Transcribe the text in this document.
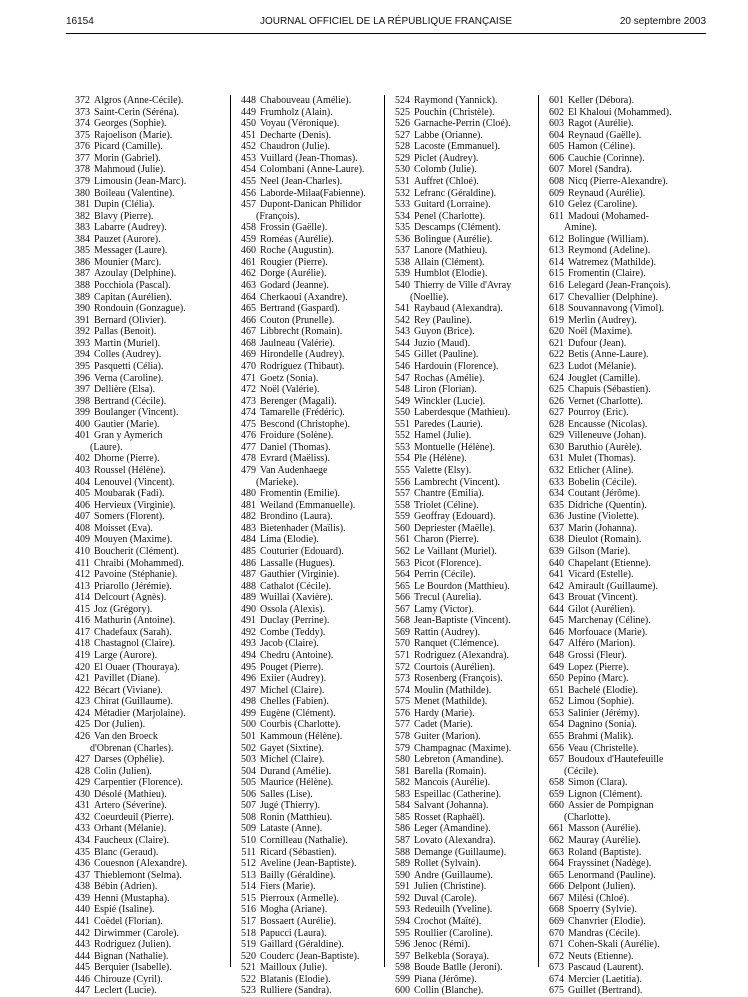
16154	JOURNAL OFFICIEL DE LA RÉPUBLIQUE FRANÇAISE	20 septembre 2003
372 Algros (Anne-Cécile).
373 Saint-Cerin (Séréna).
374 Georges (Sophie).
375 Rajoelison (Marie).
376 Picard (Camille).
377 Morin (Gabriel).
378 Mahmoud (Julie).
379 Limousin (Jean-Marc).
380 Boileau (Valentine).
381 Dupin (Clélia).
382 Blavy (Pierre).
383 Labarre (Audrey).
384 Pauzet (Aurore).
385 Messager (Laure).
386 Mounier (Marc).
387 Azoulay (Delphine).
388 Pocchiola (Pascal).
389 Capitan (Aurélien).
390 Rondouin (Gonzague).
391 Bernard (Olivier).
392 Pallas (Benoit).
393 Martin (Muriel).
394 Colles (Audrey).
395 Pasquetti (Célia).
396 Verna (Caroline).
397 Dellière (Elsa).
398 Bertrand (Cécile).
399 Boulanger (Vincent).
400 Gautier (Marie).
401 Gran y Aymerich
(Laure).
402 Dhorne (Pierre).
403 Roussel (Hélène).
404 Lenouvel (Vincent).
405 Moubarak (Fadi).
406 Hervieux (Virginie).
407 Somers (Florent).
408 Moisset (Eva).
409 Mouyen (Maxime).
410 Boucherit (Clément).
411 Chraibi (Mohammed).
412 Pavoine (Stéphanie).
413 Priarollo (Jérémie).
414 Delcourt (Agnès).
415 Joz (Grégory).
416 Mathurin (Antoine).
417 Chadefaux (Sarah).
418 Chastagnol (Claire).
419 Large (Aurore).
420 El Ouaer (Thouraya).
421 Pavillet (Diane).
422 Bécart (Viviane).
423 Chirat (Guillaume).
424 Métadier (Marjolaine).
425 Dor (Julien).
426 Van den Broeck
d'Obrenan (Charles).
427 Darses (Ophélie).
428 Colin (Julien).
429 Carpentier (Florence).
430 Désolé (Mathieu).
431 Artero (Séverine).
432 Coeurdeuil (Pierre).
433 Orhant (Mélanie).
434 Faucheux (Claire).
435 Blanc (Geraud).
436 Couesnon (Alexandre).
437 Thieblemont (Selma).
438 Bébin (Adrien).
439 Henni (Mustapha).
440 Espié (Isaline).
441 Coëdel (Florian).
442 Dirwimmer (Carole).
443 Rodriguez (Julien).
444 Bignan (Nathalie).
445 Berquier (Isabelle).
446 Chirouze (Cyril).
447 Leclert (Lucie).
448 Chabouveau (Amélie).
449 Frumholz (Alain).
450 Voyau (Véronique).
451 Decharte (Denis).
452 Chaudron (Julie).
453 Vuillard (Jean-Thomas).
454 Colombani (Anne-Laure).
455 Neel (Jean-Charles).
456 Laborde-Milaa(Fabienne).
457 Dupont-Danican Philidor
(François).
458 Frossin (Gaëlle).
459 Roméas (Aurélie).
460 Roche (Augustin).
461 Rougier (Pierre).
462 Dorge (Aurélie).
463 Godard (Jeanne).
464 Cherkaoui (Axandre).
465 Bertrand (Gaspard).
466 Couton (Prunelle).
467 Libbrecht (Romain).
468 Jaulneau (Valérie).
469 Hirondelle (Audrey).
470 Rodriguez (Thibaut).
471 Goetz (Sonia).
472 Noël (Valérie).
473 Berenger (Magali).
474 Tamarelle (Frédéric).
475 Bescond (Christophe).
476 Froidure (Solène).
477 Daniel (Thomas).
478 Evrard (Maëliss).
479 Van Audenhaege
(Marieke).
480 Fromentin (Emilie).
481 Weiland (Emmanuelle).
482 Brondino (Laura).
483 Bietenhader (Maïlis).
484 Lima (Elodie).
485 Couturier (Edouard).
486 Lassalle (Hugues).
487 Gauthier (Virginie).
488 Cathalot (Cécile).
489 Wuillai (Xavière).
490 Ossola (Alexis).
491 Duclay (Perrine).
492 Combe (Teddy).
493 Jacob (Claire).
494 Chedru (Antoine).
495 Pouget (Pierre).
496 Exiier (Audrey).
497 Michel (Claire).
498 Chelles (Fabien).
499 Eugène (Clément).
500 Courbis (Charlotte).
501 Kammoun (Hélène).
502 Gayet (Sixtine).
503 Michel (Claire).
504 Durand (Amélie).
505 Maurice (Hélène).
506 Salles (Lise).
507 Jugé (Thierry).
508 Ronin (Matthieu).
509 Lataste (Anne).
510 Cornilleau (Nathalie).
511 Ricard (Sébastien).
512 Aveline (Jean-Baptiste).
513 Bailly (Géraldine).
514 Fiers (Marie).
515 Pierroux (Armelle).
516 Mogha (Ariane).
517 Bossaert (Aurélie).
518 Papucci (Laura).
519 Gaillard (Géraldine).
520 Couderc (Jean-Baptiste).
521 Mailloux (Julie).
522 Blatanis (Elodie).
523 Rulliere (Sandra).
524 Raymond (Yannick).
525 Pouchin (Christèle).
526 Garnache-Perrin (Cloé).
527 Labbe (Orianne).
528 Lacoste (Emmanuel).
529 Piclet (Audrey).
530 Colomb (Julie).
531 Auffret (Chloé).
532 Lefranc (Géraldine).
533 Guitard (Lorraine).
534 Penel (Charlotte).
535 Descamps (Clément).
536 Bolingue (Aurélie).
537 Lanore (Mathieu).
538 Allain (Clément).
539 Humblot (Elodie).
540 Thierry de Ville d'Avray
(Noellie).
541 Raybaud (Alexandra).
542 Rey (Pauline).
543 Guyon (Brice).
544 Juzio (Maud).
545 Gillet (Pauline).
546 Hardouin (Florence).
547 Rochas (Amélie).
548 Liron (Florian).
549 Winckler (Lucie).
550 Laberdesque (Mathieu).
551 Paredes (Laurie).
552 Hamel (Julie).
553 Montuelle (Hélène).
554 Ple (Hélène).
555 Valette (Elsy).
556 Lambrecht (Vincent).
557 Chantre (Emilia).
558 Triolet (Céline).
559 Geoffray (Edouard).
560 Depriester (Maëlle).
561 Charon (Pierre).
562 Le Vaillant (Muriel).
563 Picot (Florence).
564 Perrin (Cécile).
565 Le Bourdon (Matthieu).
566 Trecul (Aurelia).
567 Lamy (Victor).
568 Jean-Baptiste (Vincent).
569 Rattin (Audrey).
570 Ranquet (Clémence).
571 Rodriguez (Alexandra).
572 Courtois (Aurélien).
573 Rosenberg (François).
574 Moulin (Mathilde).
575 Menet (Mathilde).
576 Hardy (Marie).
577 Cadet (Marie).
578 Guiter (Marion).
579 Champagnac (Maxime).
580 Lebreton (Amandine).
581 Barella (Romain).
582 Mancois (Aurélie).
583 Espeillac (Catherine).
584 Salvant (Johanna).
585 Rosset (Raphaël).
586 Leger (Amandine).
587 Lovato (Alexandra).
588 Demange (Guillaume).
589 Rollet (Sylvain).
590 Andre (Guillaume).
591 Julien (Christine).
592 Duval (Carole).
593 Redeuilh (Yveline).
594 Crochot (Maïté).
595 Roullier (Caroline).
596 Jenoc (Rémi).
597 Belkebla (Soraya).
598 Boude Batlle (Jeroni).
599 Piana (Jérôme).
600 Collin (Blanche).
601 Keller (Débora).
602 El Khaloui (Mohammed).
603 Ragot (Aurélie).
604 Reynaud (Gaëlle).
605 Hamon (Céline).
606 Cauchie (Corinne).
607 Morel (Sandra).
608 Nicq (Pierre-Alexandre).
609 Reynaud (Aurélie).
610 Gelez (Caroline).
611 Madoui (Mohamed-
Amine).
612 Bolingue (William).
613 Reymond (Adeline).
614 Watremez (Mathilde).
615 Fromentin (Claire).
616 Lelegard (Jean-François).
617 Chevallier (Delphine).
618 Souvannavong (Vimol).
619 Merlin (Audrey).
620 Noël (Maxime).
621 Dufour (Jean).
622 Betis (Anne-Laure).
623 Ludot (Mélanie).
624 Jouglet (Camille).
625 Chapuis (Sébastien).
626 Vernet (Charlotte).
627 Pourroy (Eric).
628 Encausse (Nicolas).
629 Villeneuve (Johan).
630 Baruthio (Aurèle).
631 Mulet (Thomas).
632 Etlicher (Aline).
633 Bobelin (Cécile).
634 Coutant (Jérôme).
635 Didriche (Quentin).
636 Justine (Violette).
637 Marin (Johanna).
638 Dieulot (Romain).
639 Gilson (Marie).
640 Chapelant (Etienne).
641 Vicard (Estelle).
642 Amirault (Guillaume).
643 Brouat (Vincent).
644 Gilot (Aurélien).
645 Marchenay (Céline).
646 Morfouace (Marie).
647 Alféro (Marion).
648 Grossi (Fleur).
649 Lopez (Pierre).
650 Pepino (Marc).
651 Bachelé (Elodie).
652 Limou (Sophie).
653 Salinier (Jérémy).
654 Dagnino (Sonia).
655 Brahmi (Malik).
656 Veau (Christelle).
657 Boudoux d'Hautefeuille
(Cécile).
658 Simon (Clara).
659 Lignon (Clément).
660 Assier de Pompignan
(Charlotte).
661 Masson (Aurélie).
662 Mauray (Aurélie).
663 Roland (Baptiste).
664 Frayssinet (Nadège).
665 Lenormand (Pauline).
666 Delpont (Julien).
667 Milési (Chloé).
668 Spoerry (Sylvie).
669 Chanvrier (Elodie).
670 Mandras (Cécile).
671 Cohen-Skali (Aurélie).
672 Neuts (Etienne).
673 Pascaud (Laurent).
674 Mercier (Laetitia).
675 Guillet (Bertrand).
